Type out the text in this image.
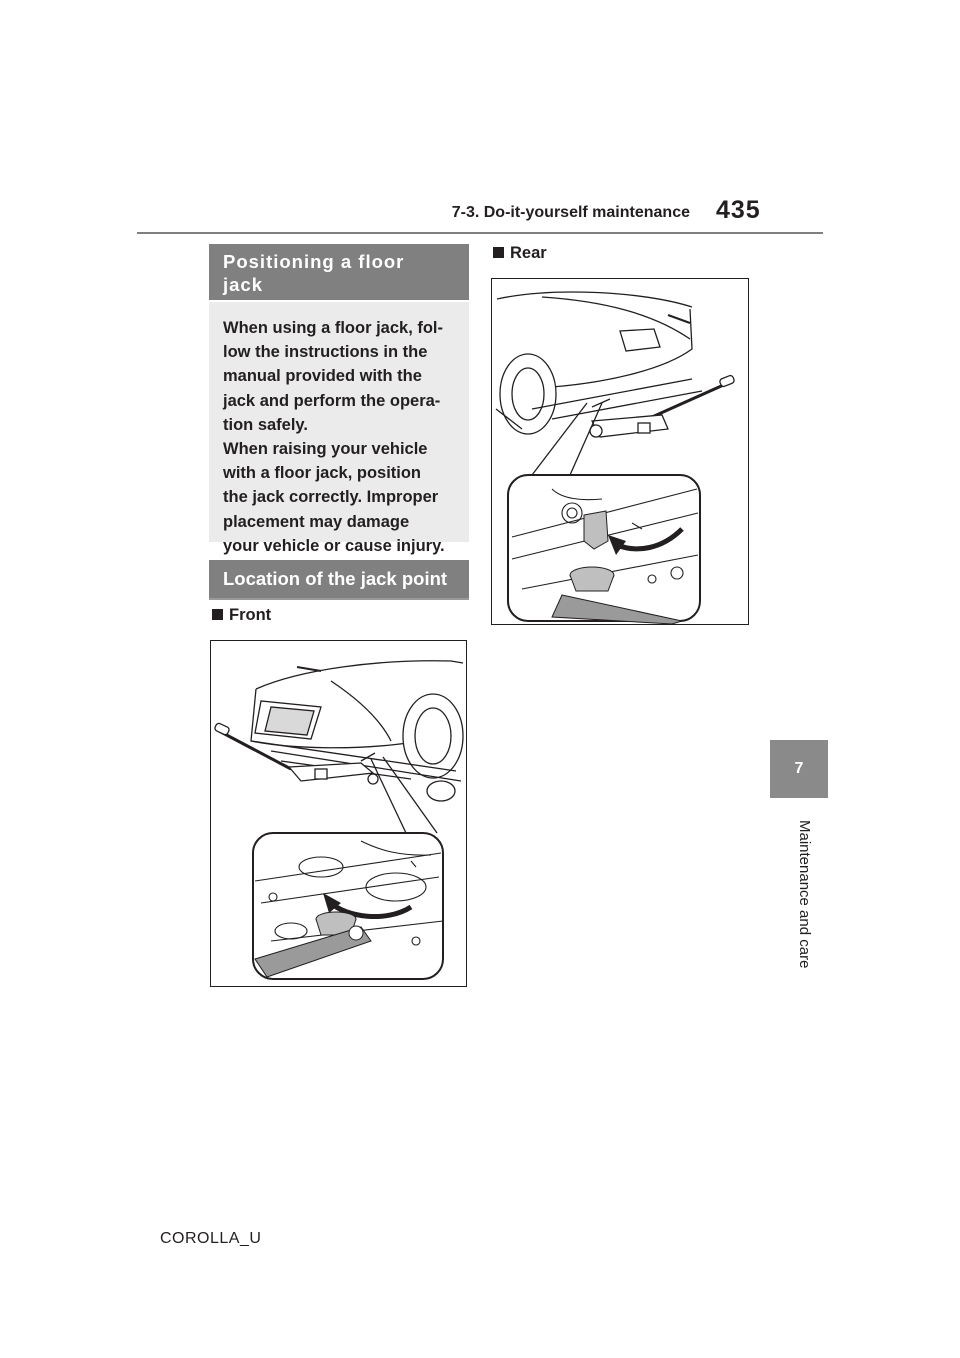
7-3. Do-it-yourself maintenance 435
7
Maintenance and care
Positioning a floor
jack
When using a floor jack, fol-
low the instructions in the
manual provided with the
jack and perform the opera-
tion safely.
When raising your vehicle
with a floor jack, position
the jack correctly. Improper
placement may damage
your vehicle or cause injury.
Location of the jack point
Front
Rear
COROLLA_U
